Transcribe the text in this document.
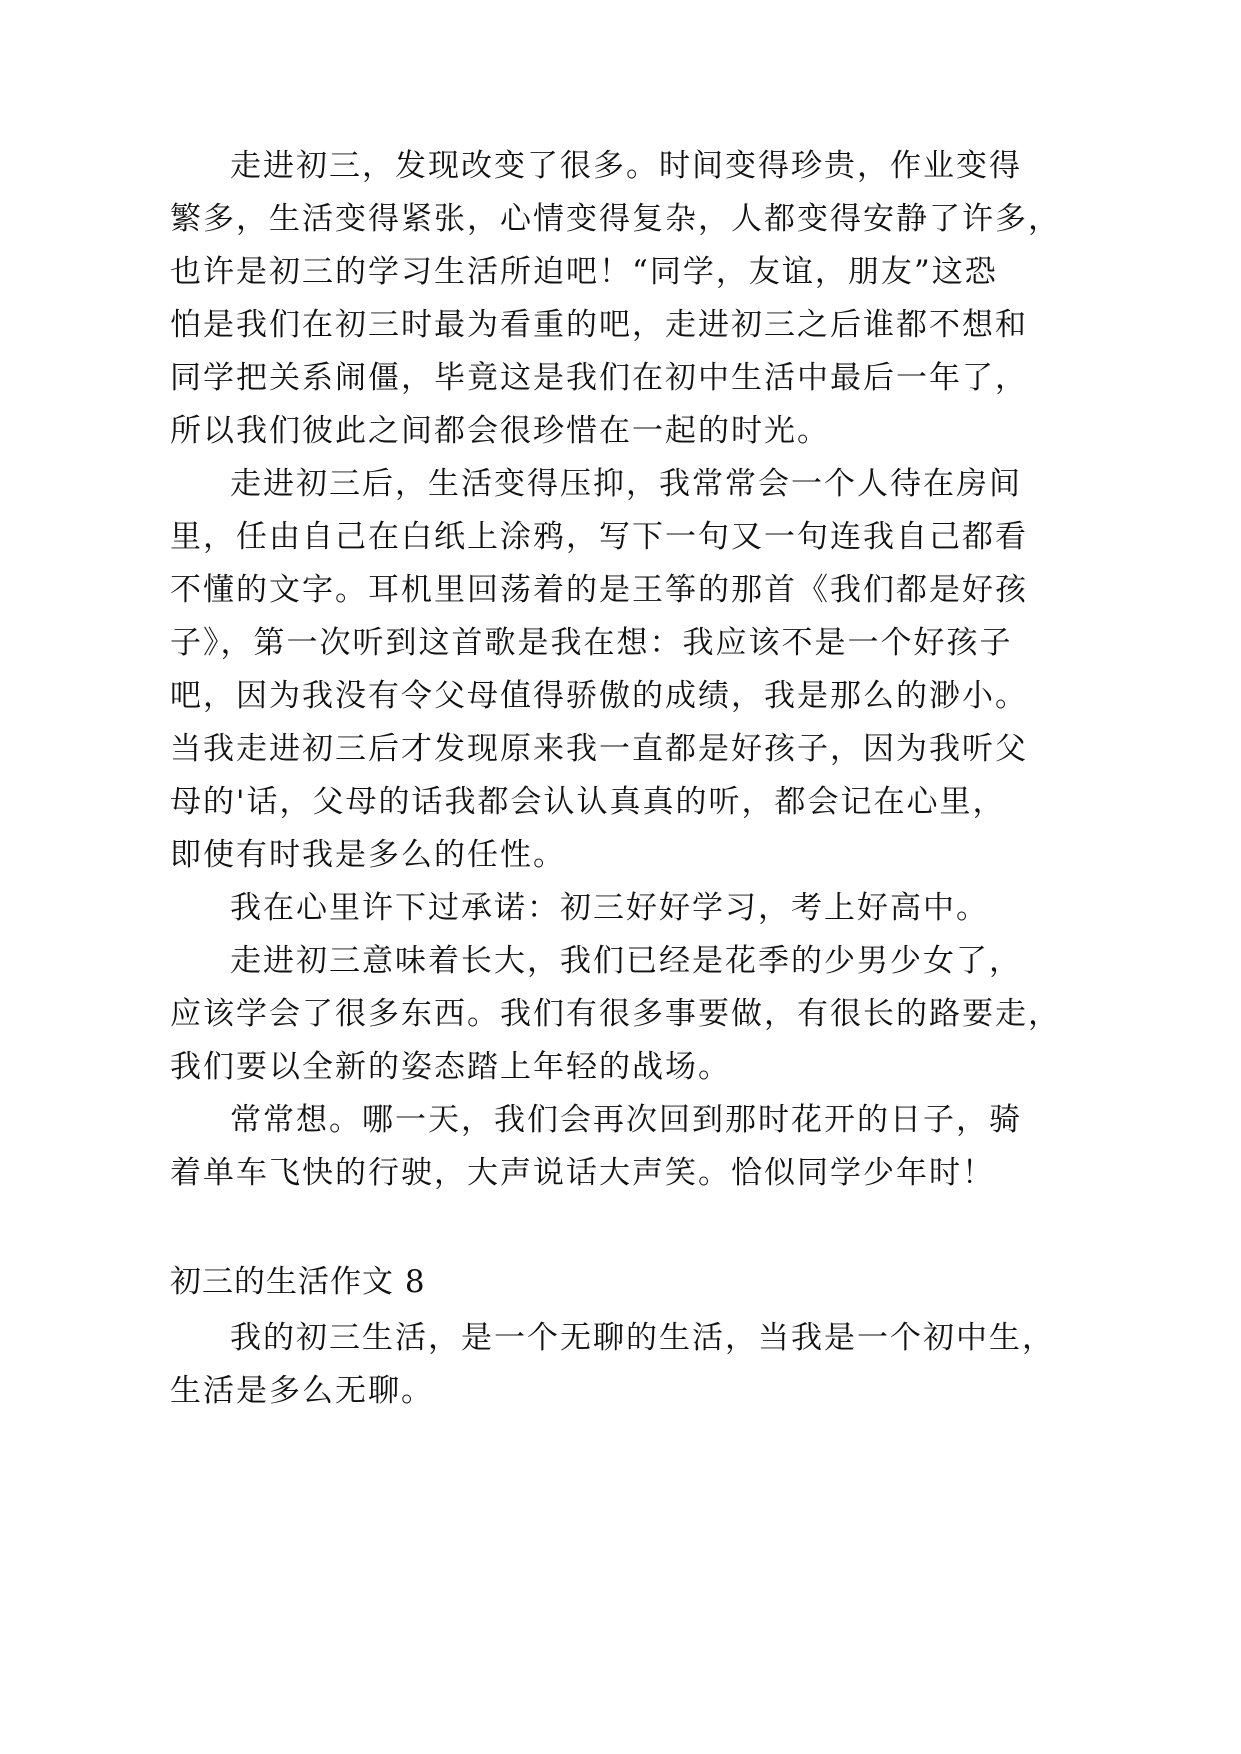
走进初三，发现改变了很多。时间变得珍贵，作业变得
繁多，生活变得紧张，心情变得复杂，人都变得安静了许多，
也许是初三的学习生活所迫吧！“同学，友谊，朋友”这恐
怕是我们在初三时最为看重的吧，走进初三之后谁都不想和
同学把关系闹僵，毕竟这是我们在初中生活中最后一年了，
所以我们彼此之间都会很珍惜在一起的时光。
走进初三后，生活变得压抑，我常常会一个人待在房间
里，任由自己在白纸上涂鸦，写下一句又一句连我自己都看
不懂的文字。耳机里回荡着的是王筝的那首《我们都是好孩
子》，第一次听到这首歌是我在想：我应该不是一个好孩子
吧，因为我没有令父母值得骄傲的成绩，我是那么的渺小。
当我走进初三后才发现原来我一直都是好孩子，因为我听父
母的'话，父母的话我都会认认真真的听，都会记在心里，
即使有时我是多么的任性。
我在心里许下过承诺：初三好好学习，考上好高中。
走进初三意味着长大，我们已经是花季的少男少女了，
应该学会了很多东西。我们有很多事要做，有很长的路要走，
我们要以全新的姿态踏上年轻的战场。
常常想。哪一天，我们会再次回到那时花开的日子，骑
着单车飞快的行驶，大声说话大声笑。恰似同学少年时！
初三的生活作文 8
我的初三生活，是一个无聊的生活，当我是一个初中生，
生活是多么无聊。
